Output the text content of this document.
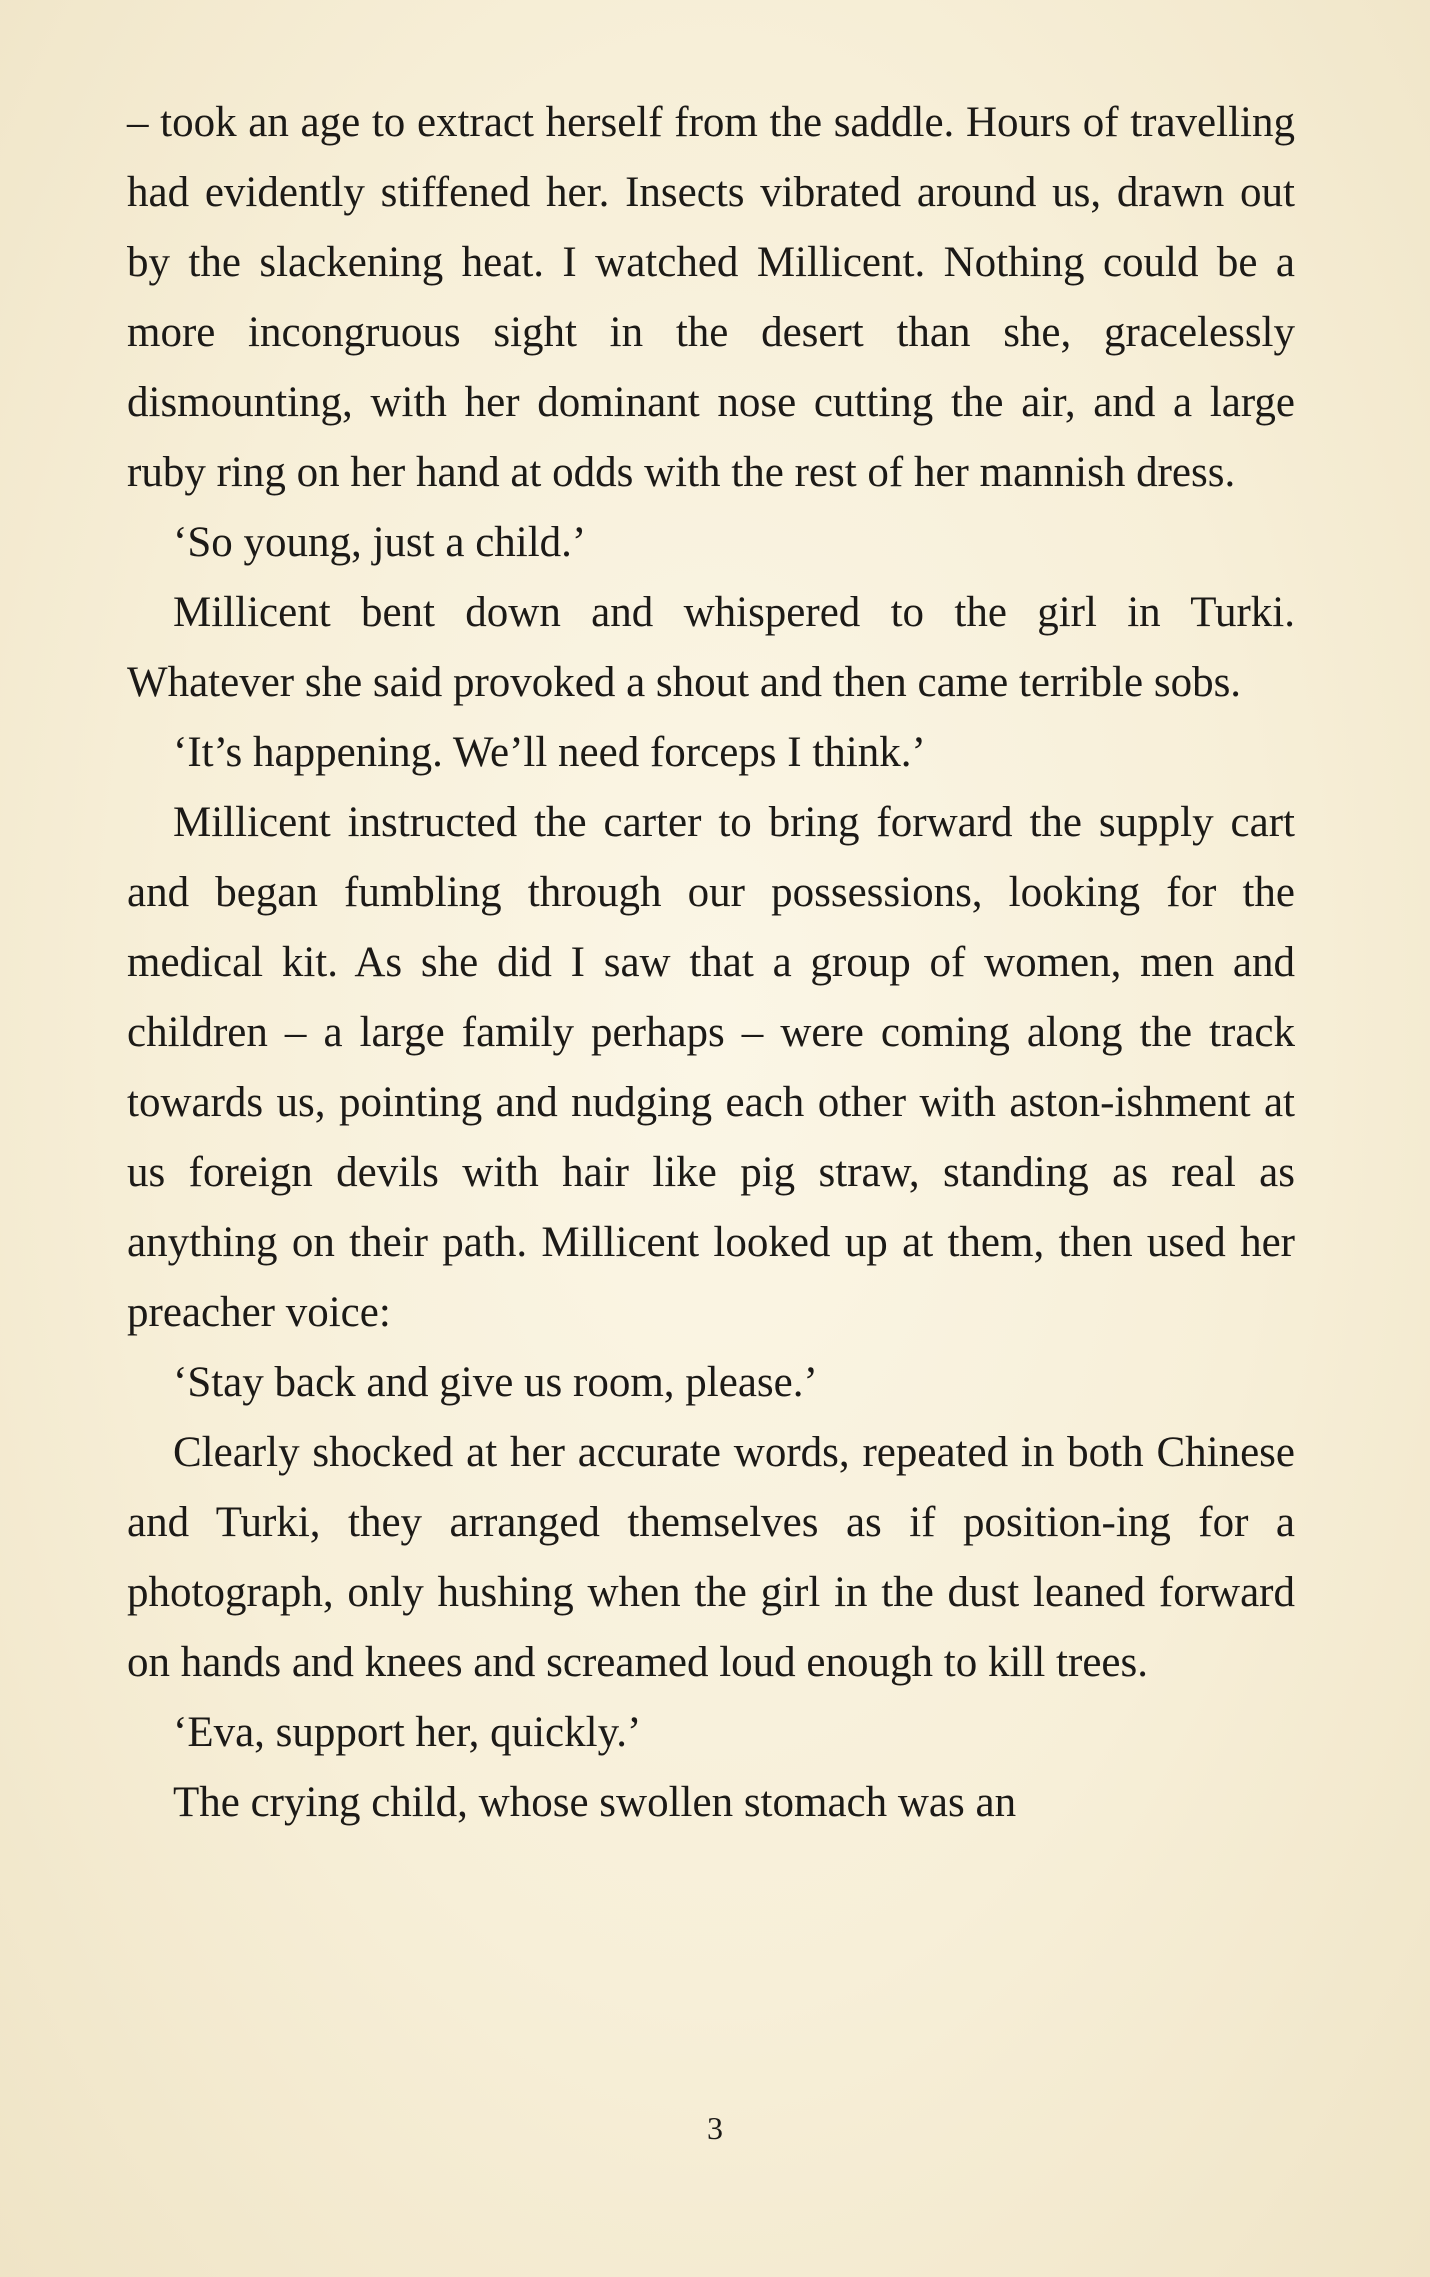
– took an age to extract herself from the saddle. Hours of travelling had evidently stiffened her. Insects vibrated around us, drawn out by the slackening heat. I watched Millicent. Nothing could be a more incongruous sight in the desert than she, gracelessly dismounting, with her dominant nose cutting the air, and a large ruby ring on her hand at odds with the rest of her mannish dress.

‘So young, just a child.’

Millicent bent down and whispered to the girl in Turki. Whatever she said provoked a shout and then came terrible sobs.

‘It’s happening. We’ll need forceps I think.’

Millicent instructed the carter to bring forward the supply cart and began fumbling through our possessions, looking for the medical kit. As she did I saw that a group of women, men and children – a large family perhaps – were coming along the track towards us, pointing and nudging each other with aston-ishment at us foreign devils with hair like pig straw, standing as real as anything on their path. Millicent looked up at them, then used her preacher voice:

‘Stay back and give us room, please.’

Clearly shocked at her accurate words, repeated in both Chinese and Turki, they arranged themselves as if position-ing for a photograph, only hushing when the girl in the dust leaned forward on hands and knees and screamed loud enough to kill trees.

‘Eva, support her, quickly.’

The crying child, whose swollen stomach was an

3
